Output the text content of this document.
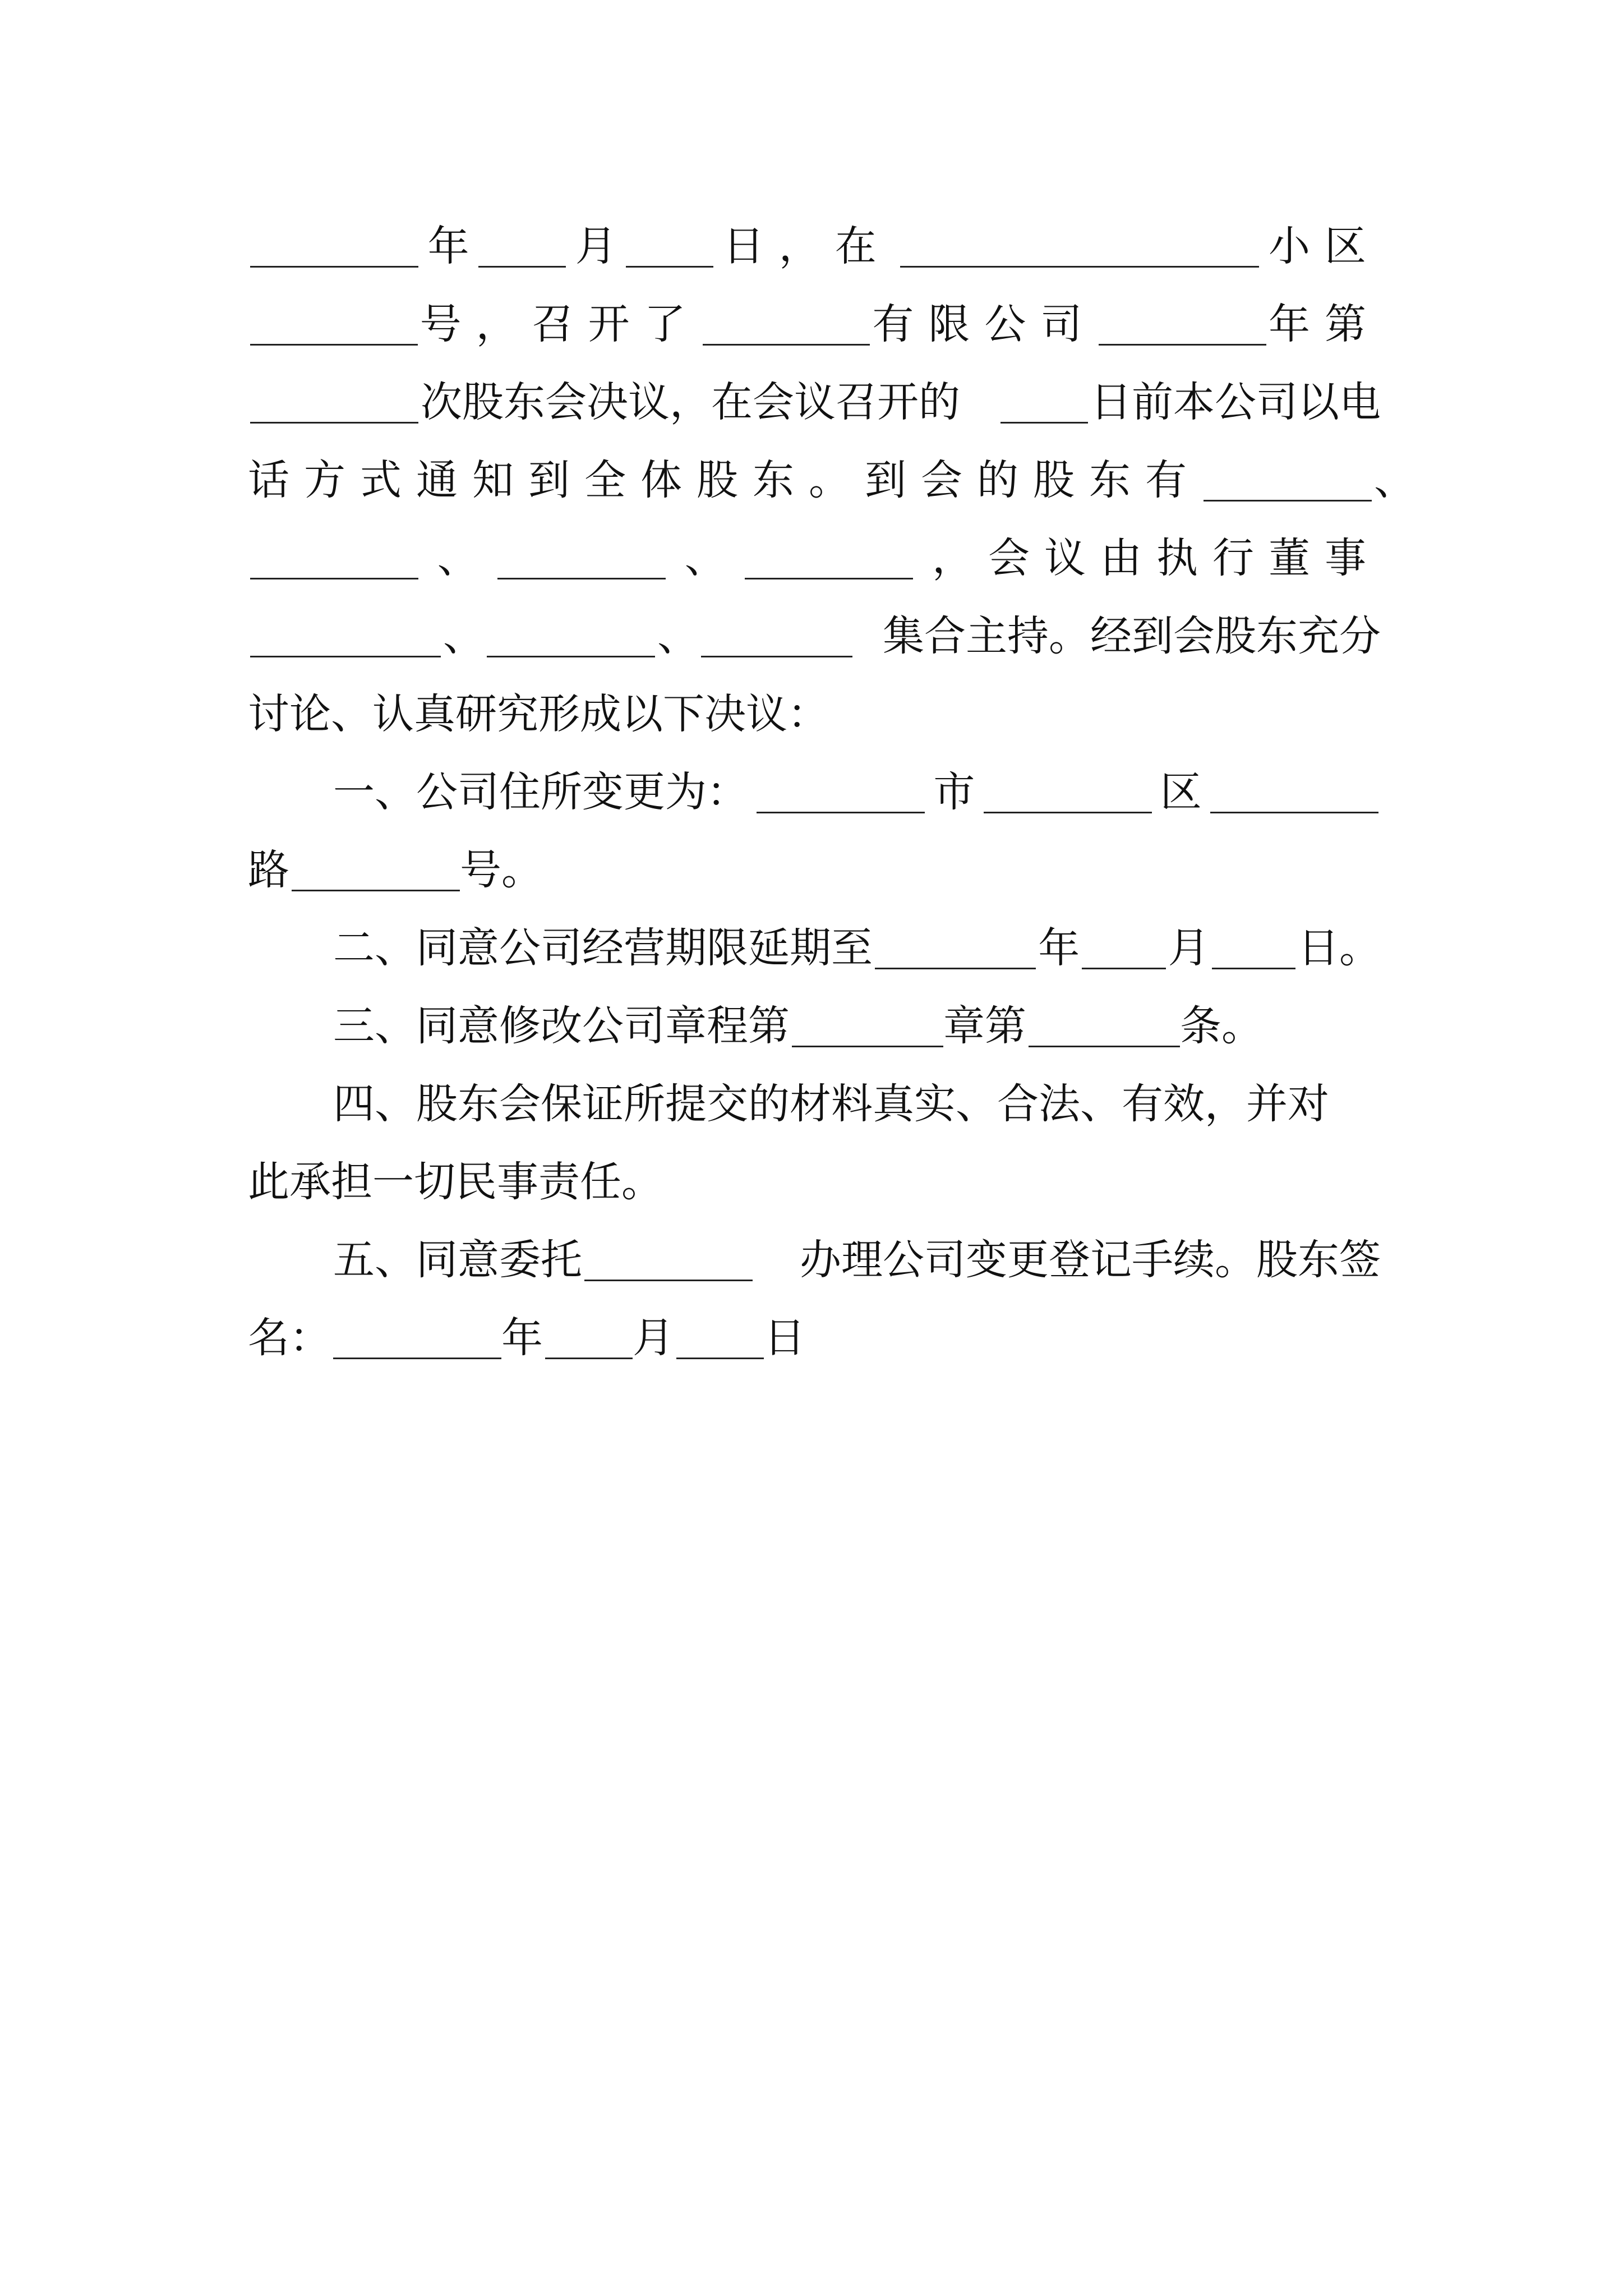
年	月	日，在	小区
号，召开了	有限公司	年第
次股东会决议，在会议召开的	日前本公司以电
话方式通知到全体股东。到会的股东有	、
、	、	，会议由执行董事
、	、	集合主持。经到会股东充分
讨论、认真研究形成以下决议：
一、公司住所变更为：	市	区
路	号。
二、同意公司经营期限延期至	年 月 日。
三、同意修改公司章程第	章第	条。
四、股东会保证所提交的材料真实、合法、有效，并对
此承担一切民事责任。
五、同意委托	办理公司变更登记手续。股东签
名：	年 月 日
